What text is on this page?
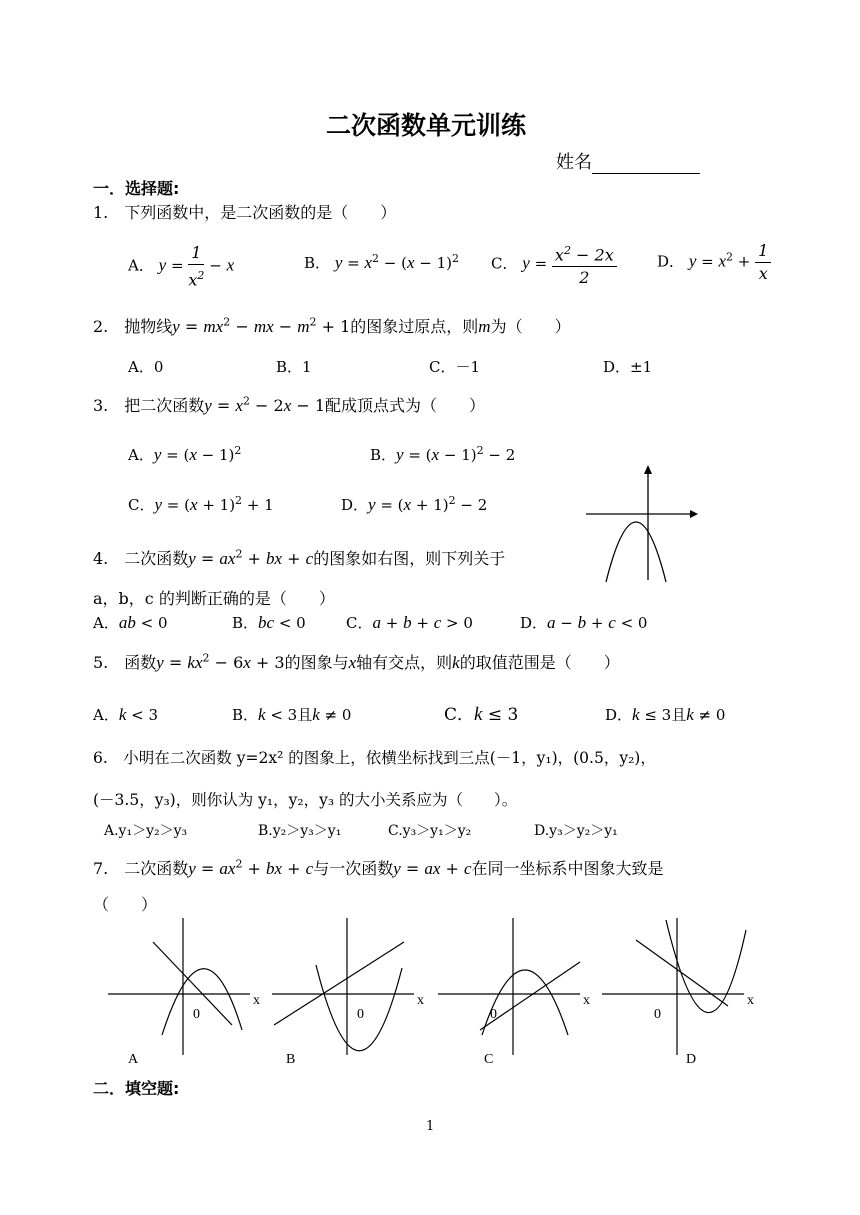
二次函数单元训练
姓名
一．选择题:
1.　下列函数中，是二次函数的是（　　）
A． $y = \frac{1}{x^2} - x$	B． $y = x^2 - (x - 1)^2$ C． $y = \frac{x^2 - 2x}{2}$	D． $y = x^2 + \frac{1}{x}$
2.　抛物线$y = mx^2$ − mx − $m^2 + 1$的图象过原点，则m为（　　）
A．0	B．1	C．－1	D．±1
3.　把二次函数$y = x^2 - 2x - 1$配成顶点式为（　　）
A．$y = (x - 1)^2$	B．$y = (x - 1)^2 - 2$
C．$y = (x + 1)^2 + 1$	D．$y = (x + 1)^2 - 2$
4.　二次函数$y = ax^2$ + bx + c的图象如右图，则下列关于
a，b，c 的判断正确的是（　　）
A．ab < 0	B．bc < 0	C．a + b + c > 0	D．a − b + c < 0
5.　函数$y = kx^2 - 6x + 3$的图象与x轴有交点，则k的取值范围是（　　）
A．k < 3	B．k < 3且k ≠ 0	C．k ≤ 3	D．k ≤ 3且k ≠ 0
6.　小明在二次函数 y=2x² 的图象上，依横坐标找到三点(－1，y₁)，(0.5，y₂)，
(－3.5，y₃)，则你认为 y₁，y₂，y₃ 的大小关系应为（　　）。
A.y₁＞y₂＞y₃	B.y₂＞y₃＞y₁	C.y₃＞y₁＞y₂	D.y₃＞y₂＞y₁
7.　二次函数$y = ax^2$ + bx + c与一次函数y = ax + c在同一坐标系中图象大致是
（　　）
x
0
A
x
0
B
x
0
C
x
0
D
二．填空题:
1
